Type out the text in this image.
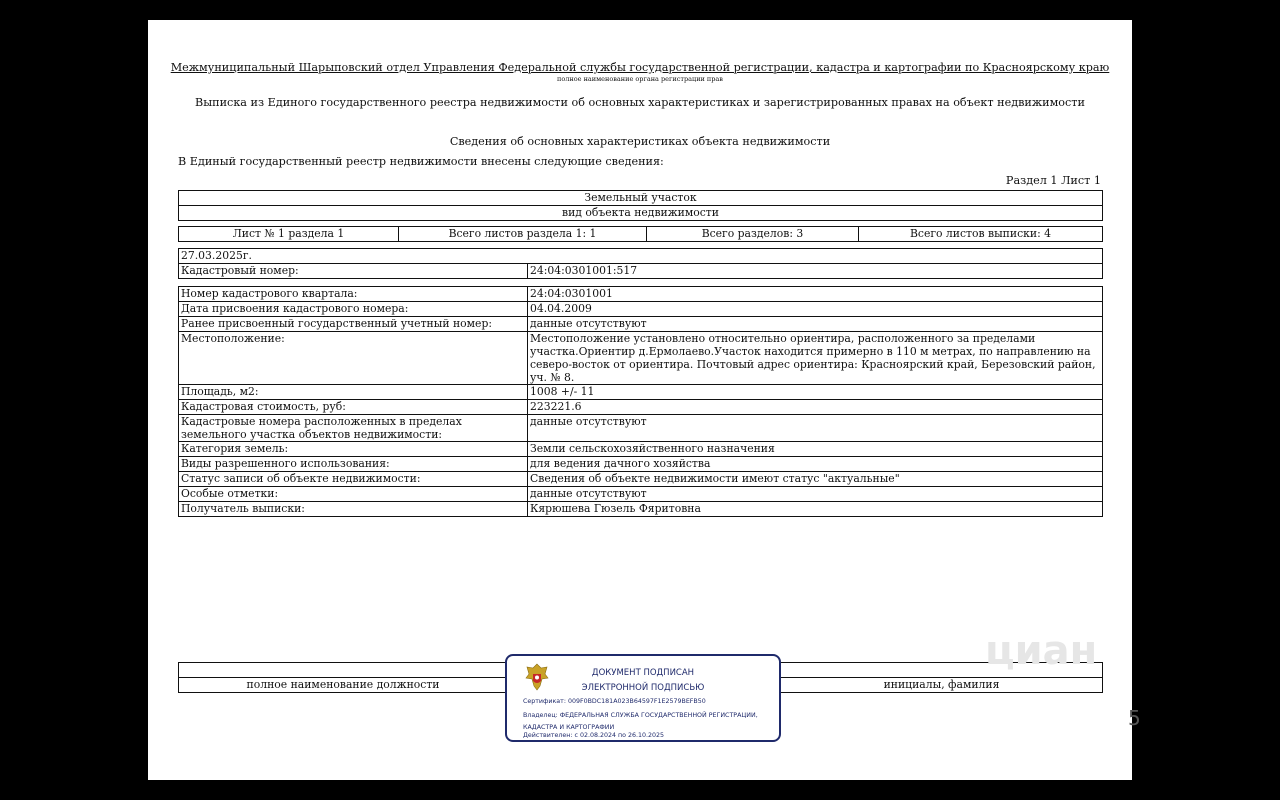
Межмуниципальный Шарыповский отдел Управления Федеральной службы государственной регистрации, кадастра и картографии по Красноярскому краю
полное наименование органа регистрации прав
Выписка из Единого государственного реестра недвижимости об основных характеристиках и зарегистрированных правах на объект недвижимости
Сведения об основных характеристиках объекта недвижимости
В Единый государственный реестр недвижимости внесены следующие сведения:
Раздел 1 Лист 1
Земельный участок
вид объекта недвижимости
Лист № 1 раздела 1	Всего листов раздела 1: 1	Всего разделов: 3	Всего листов выписки: 4
27.03.2025г.
Кадастровый номер:	24:04:0301001:517
Номер кадастрового квартала:	24:04:0301001
Дата присвоения кадастрового номера:	04.04.2009
Ранее присвоенный государственный учетный номер:	данные отсутствуют
Местоположение:	Местоположение установлено относительно ориентира, расположенного за пределами участка.Ориентир д.Ермолаево.Участок находится примерно в 110 м метрах, по направлению на северо-восток от ориентира. Почтовый адрес ориентира: Красноярский край, Березовский район, уч. № 8.
Площадь, м2:	1008 +/- 11
Кадастровая стоимость, руб:	223221.6
Кадастровые номера расположенных в пределах земельного участка объектов недвижимости:	данные отсутствуют
Категория земель:	Земли сельскохозяйственного назначения
Виды разрешенного использования:	для ведения дачного хозяйства
Статус записи об объекте недвижимости:	Сведения об объекте недвижимости имеют статус "актуальные"
Особые отметки:	данные отсутствуют
Получатель выписки:	Кярюшева Гюзель Фяритовна

полное наименование должности		инициалы, фамилия
ДОКУМЕНТ ПОДПИСАН
ЭЛЕКТРОННОЙ ПОДПИСЬЮ
Сертификат: 009F0BDC181A023B64597F1E2579BEFB50
Владелец: ФЕДЕРАЛЬНАЯ СЛУЖБА ГОСУДАРСТВЕННОЙ РЕГИСТРАЦИИ, КАДАСТРА И КАРТОГРАФИИ
Действителен: с 02.08.2024 по 26.10.2025
циан
5
